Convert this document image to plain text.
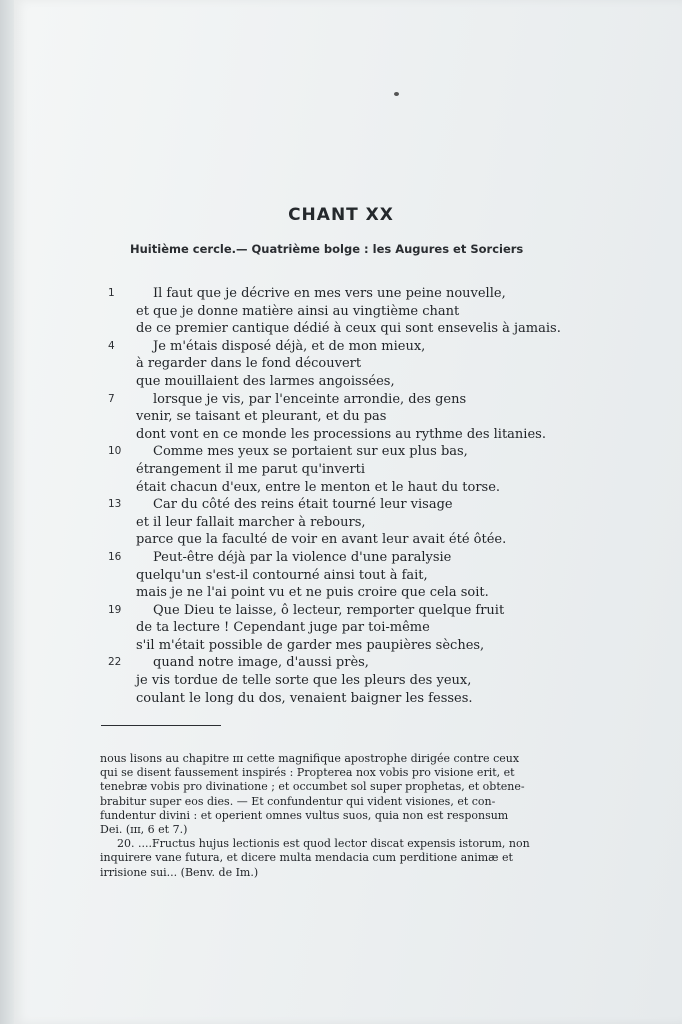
CHANT XX
Huitième cercle.— Quatrième bolge : les Augures et Sorciers
1	Il faut que je décrive en mes vers une peine nouvelle,
et que je donne matière ainsi au vingtième chant
de ce premier cantique dédié à ceux qui sont ensevelis à jamais.
4	Je m'étais disposé déjà, et de mon mieux,
à regarder dans le fond découvert
que mouillaient des larmes angoissées,
7	lorsque je vis, par l'enceinte arrondie, des gens
venir, se taisant et pleurant, et du pas
dont vont en ce monde les processions au rythme des litanies.
10	Comme mes yeux se portaient sur eux plus bas,
étrangement il me parut qu'inverti
était chacun d'eux, entre le menton et le haut du torse.
13	Car du côté des reins était tourné leur visage
et il leur fallait marcher à rebours,
parce que la faculté de voir en avant leur avait été ôtée.
16	Peut-être déjà par la violence d'une paralysie
quelqu'un s'est-il contourné ainsi tout à fait,
mais je ne l'ai point vu et ne puis croire que cela soit.
19	Que Dieu te laisse, ô lecteur, remporter quelque fruit
de ta lecture ! Cependant juge par toi-même
s'il m'était possible de garder mes paupières sèches,
22	quand notre image, d'aussi près,
je vis tordue de telle sorte que les pleurs des yeux,
coulant le long du dos, venaient baigner les fesses.
nous lisons au chapitre ɪɪɪ cette magnifique apostrophe dirigée contre ceux
qui se disent faussement inspirés : Propterea nox vobis pro visione erit, et
tenebræ vobis pro divinatione ; et occumbet sol super prophetas, et obtene-
brabitur super eos dies. — Et confundentur qui vident visiones, et con-
fundentur divini : et operient omnes vultus suos, quia non est responsum
Dei. (ɪɪɪ, 6 et 7.)
20. ....Fructus hujus lectionis est quod lector discat expensis istorum, non
inquirere vane futura, et dicere multa mendacia cum perditione animæ et
irrisione sui... (Benv. de Im.)
